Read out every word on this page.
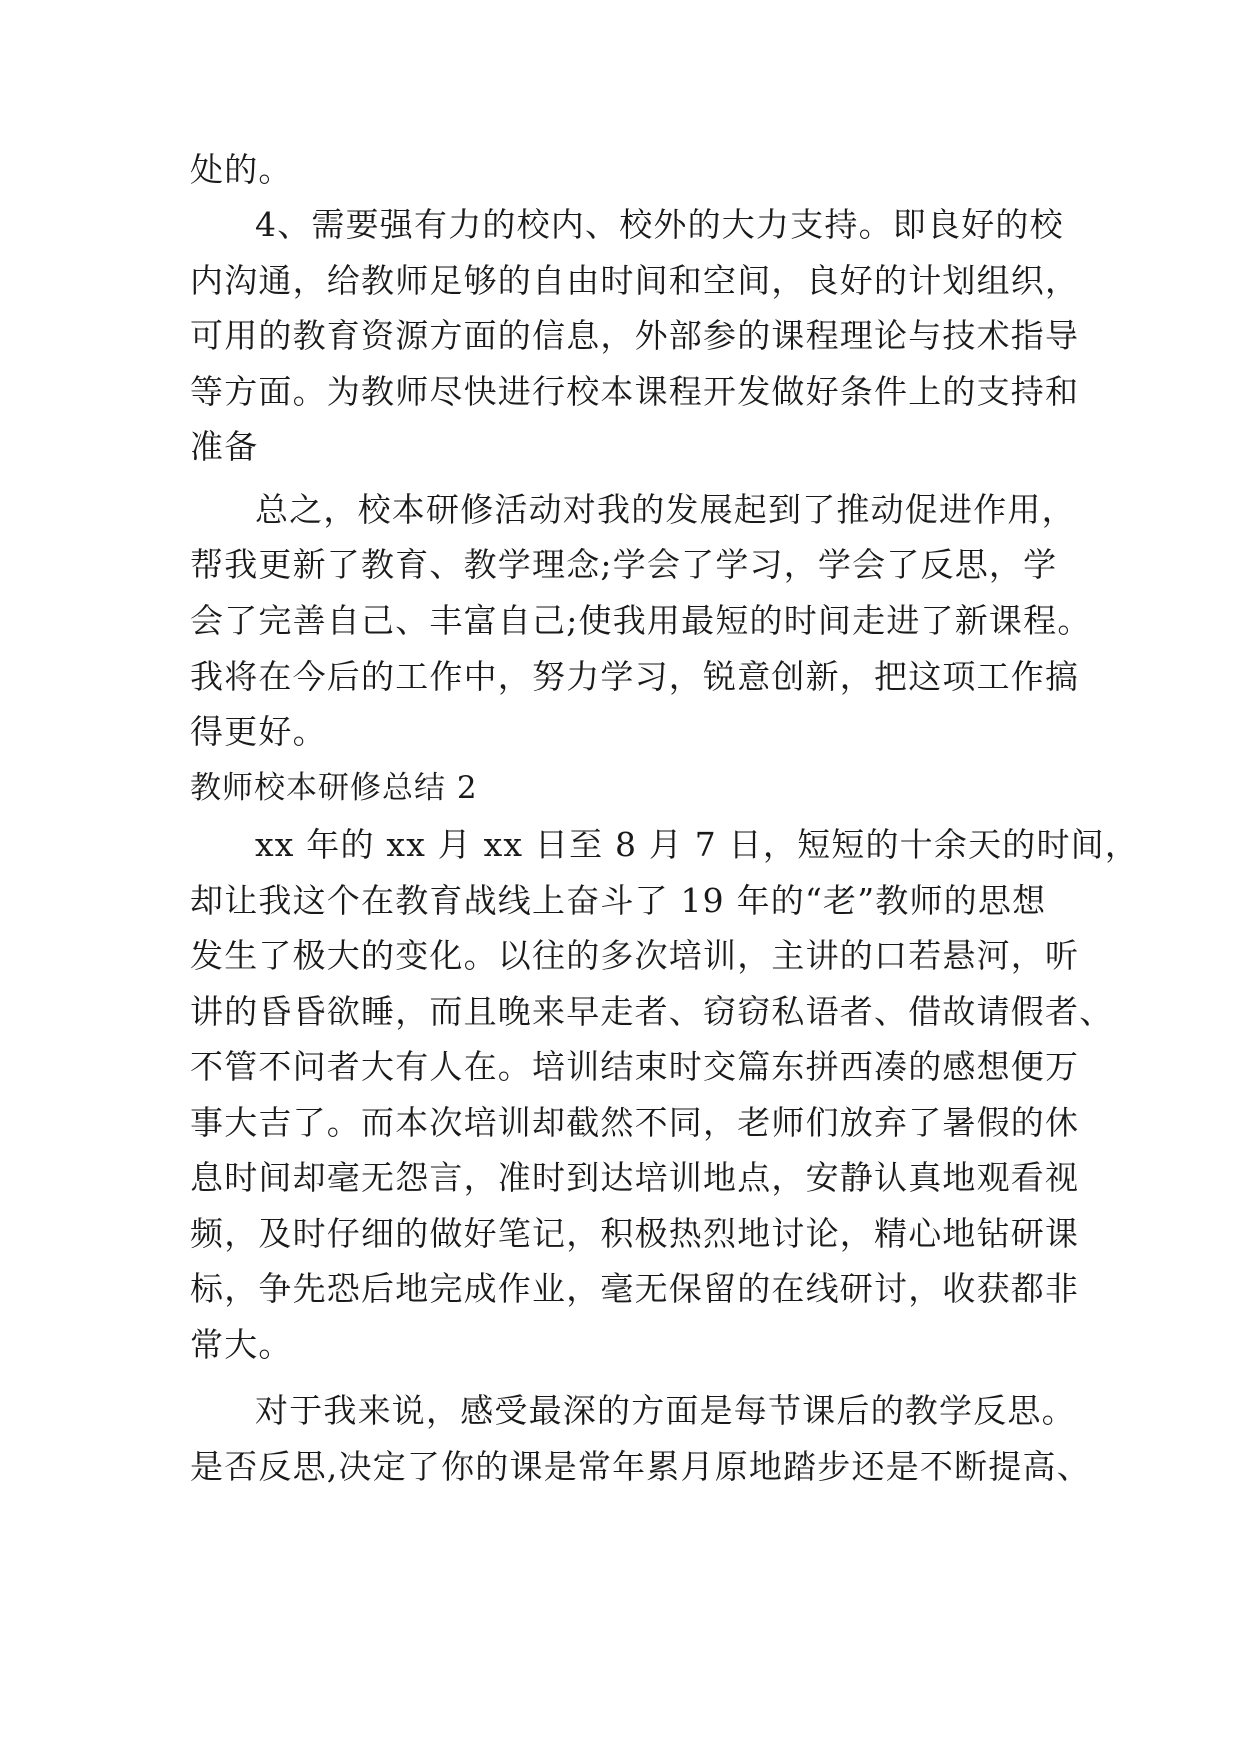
处的。
4、需要强有力的校内、校外的大力支持。即良好的校
内沟通，给教师足够的自由时间和空间，良好的计划组织，
可用的教育资源方面的信息，外部参的课程理论与技术指导
等方面。为教师尽快进行校本课程开发做好条件上的支持和
准备
总之，校本研修活动对我的发展起到了推动促进作用，
帮我更新了教育、教学理念;学会了学习，学会了反思，学
会了完善自己、丰富自己;使我用最短的时间走进了新课程。
我将在今后的工作中，努力学习，锐意创新，把这项工作搞
得更好。
教师校本研修总结 2
xx 年的 xx 月 xx 日至 8 月 7 日，短短的十余天的时间，
却让我这个在教育战线上奋斗了 19 年的“老”教师的思想
发生了极大的变化。以往的多次培训，主讲的口若悬河，听
讲的昏昏欲睡，而且晚来早走者、窃窃私语者、借故请假者、
不管不问者大有人在。培训结束时交篇东拼西凑的感想便万
事大吉了。而本次培训却截然不同，老师们放弃了暑假的休
息时间却毫无怨言，准时到达培训地点，安静认真地观看视
频，及时仔细的做好笔记，积极热烈地讨论，精心地钻研课
标，争先恐后地完成作业，毫无保留的在线研讨，收获都非
常大。
对于我来说，感受最深的方面是每节课后的教学反思。
是否反思,决定了你的课是常年累月原地踏步还是不断提高、
